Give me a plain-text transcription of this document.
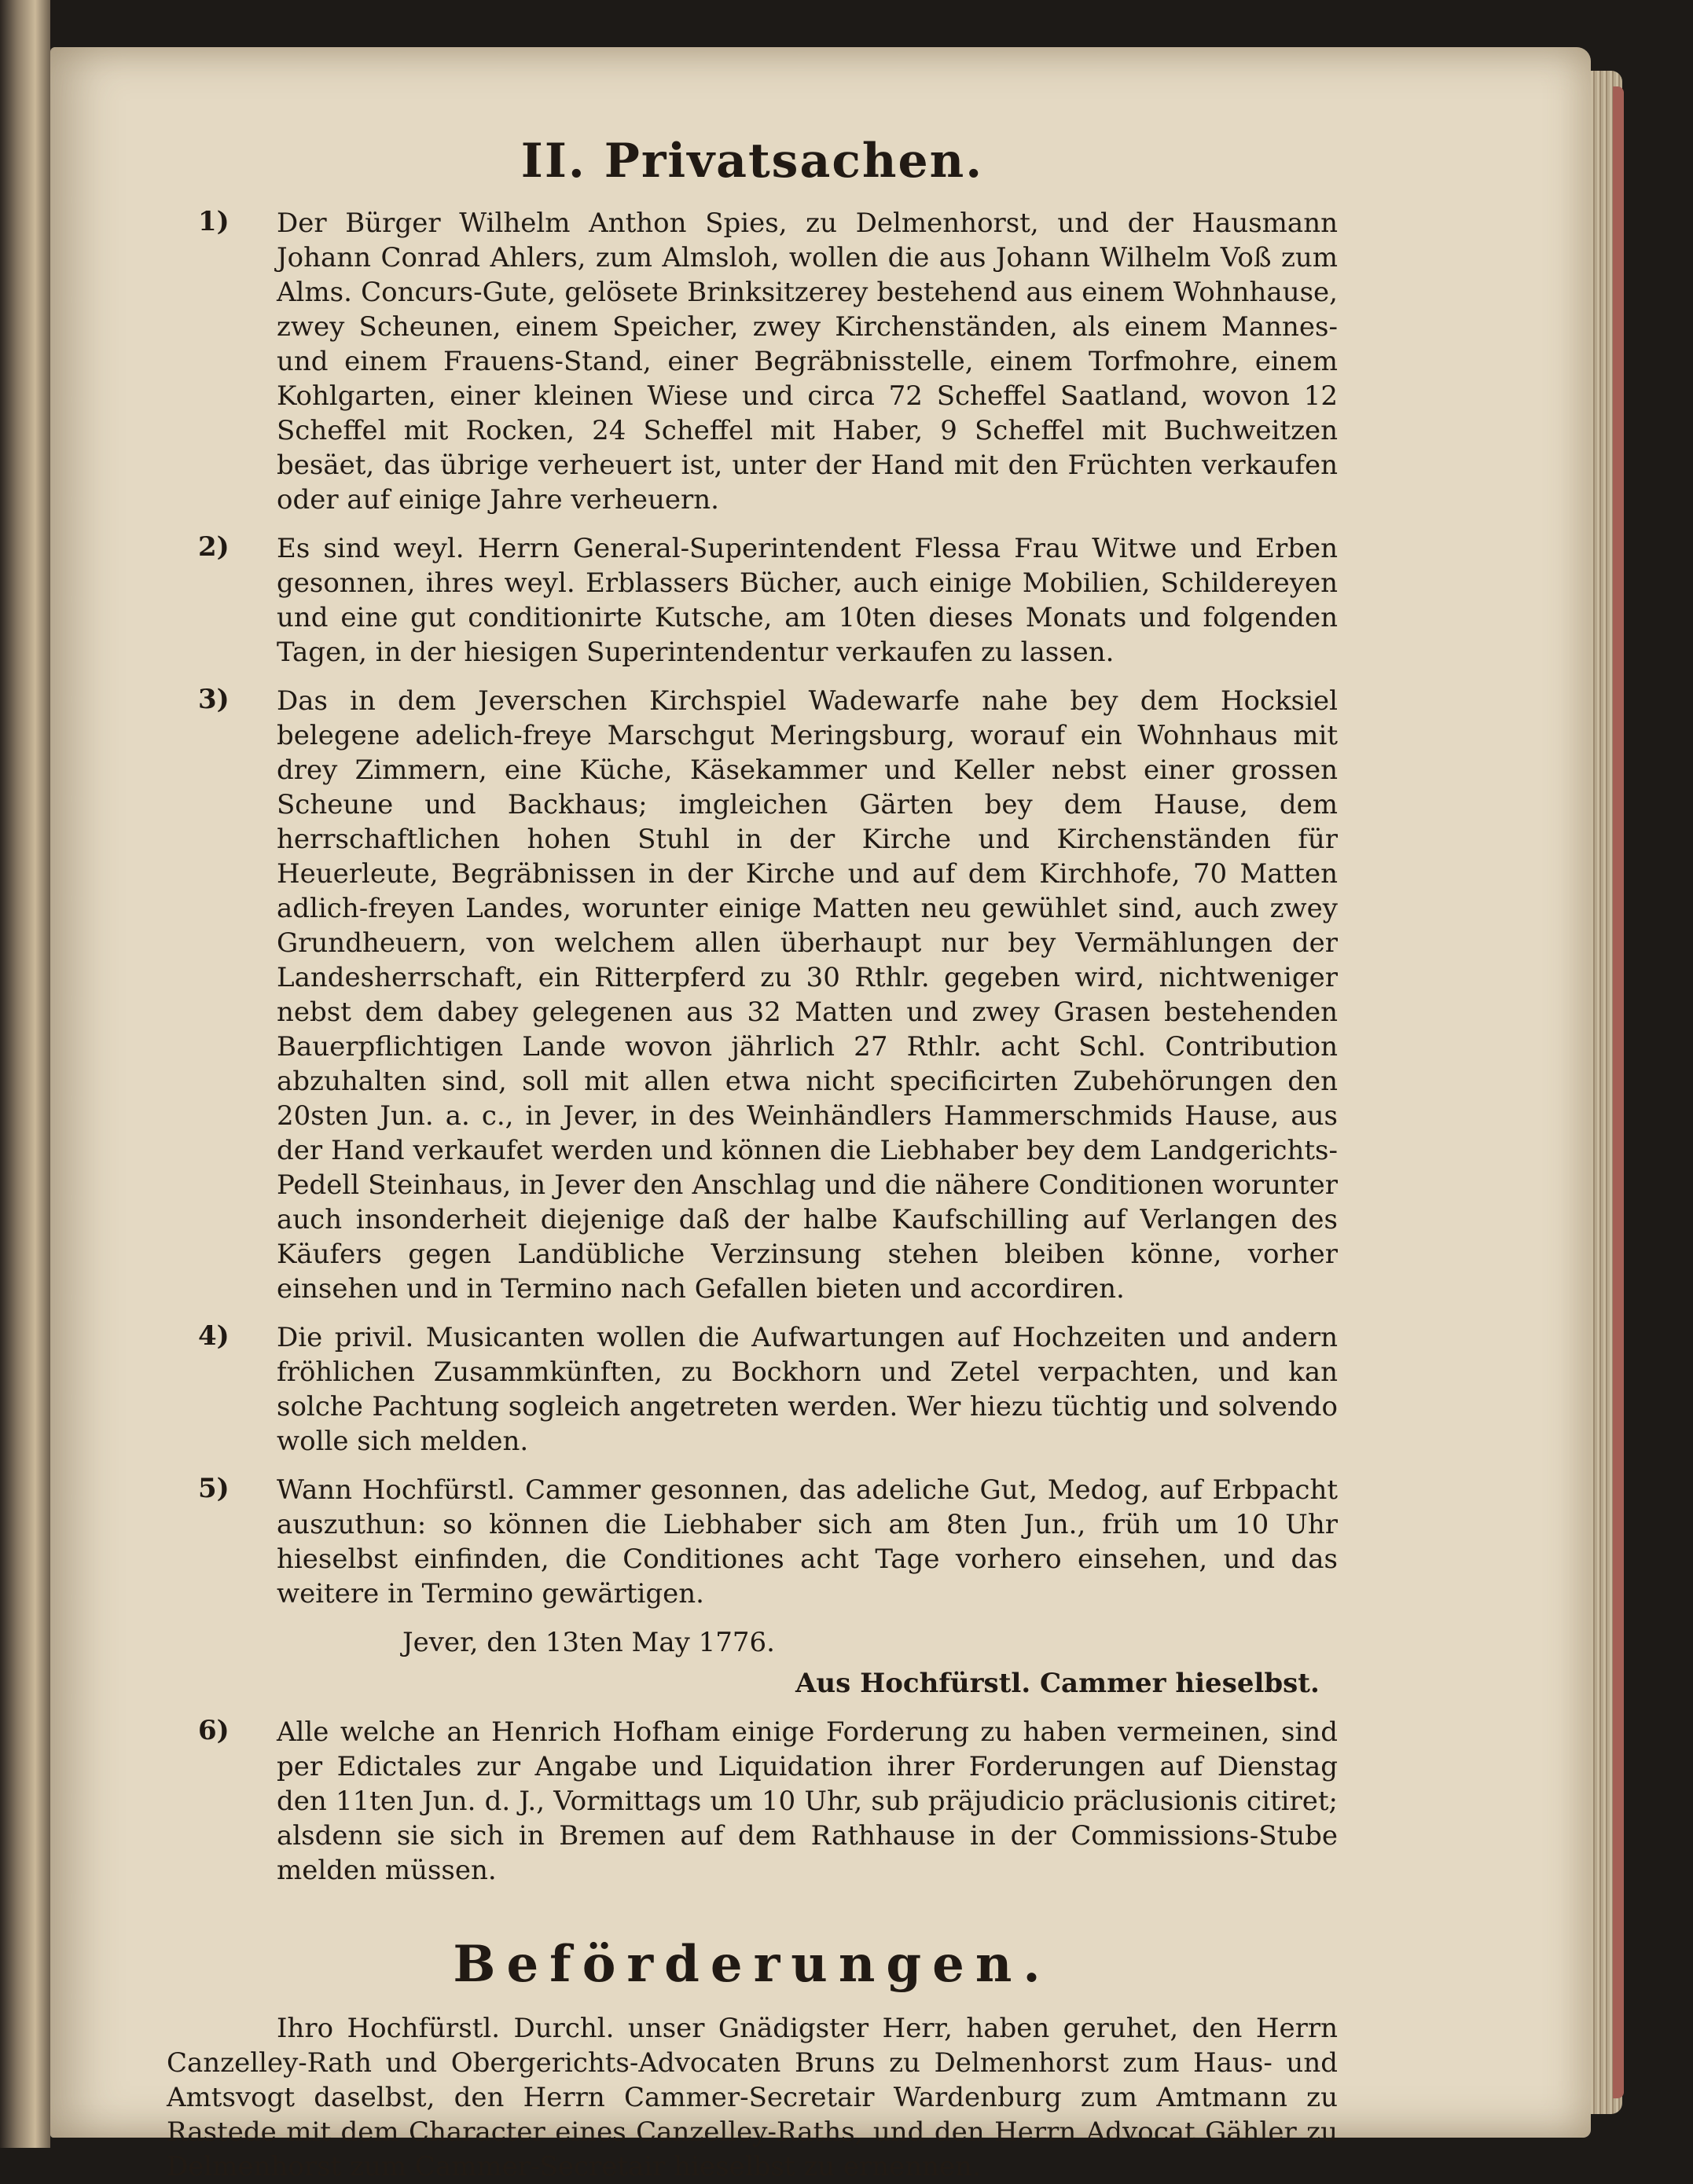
II. Privatsachen.
1) Der Bürger Wilhelm Anthon Spies, zu Delmenhorst, und der Hausmann Johann Conrad Ahlers, zum Almsloh, wollen die aus Johann Wilhelm Voß zum Alms. Concurs-Gute, gelösete Brinksitzerey bestehend aus einem Wohnhause, zwey Scheunen, einem Speicher, zwey Kirchenständen, als einem Mannes- und einem Frauens-Stand, einer Begräbnisstelle, einem Torfmohre, einem Kohlgarten, einer kleinen Wiese und circa 72 Scheffel Saatland, wovon 12 Scheffel mit Rocken, 24 Scheffel mit Haber, 9 Scheffel mit Buchweitzen besäet, das übrige verheuert ist, unter der Hand mit den Früchten verkaufen oder auf einige Jahre verheuern.

2) Es sind weyl. Herrn General-Superintendent Flessa Frau Witwe und Erben gesonnen, ihres weyl. Erblassers Bücher, auch einige Mobilien, Schildereyen und eine gut conditionirte Kutsche, am 10ten dieses Monats und folgenden Tagen, in der hiesigen Superintendentur verkaufen zu lassen.

3) Das in dem Jeverschen Kirchspiel Wadewarfe nahe bey dem Hocksiel belegene adelich-freye Marschgut Meringsburg, worauf ein Wohnhaus mit drey Zimmern, eine Küche, Käsekammer und Keller nebst einer grossen Scheune und Backhaus; imgleichen Gärten bey dem Hause, dem herrschaftlichen hohen Stuhl in der Kirche und Kirchenständen für Heuerleute, Begräbnissen in der Kirche und auf dem Kirchhofe, 70 Matten adlich-freyen Landes, worunter einige Matten neu gewühlet sind, auch zwey Grundheuern, von welchem allen überhaupt nur bey Vermählungen der Landesherrschaft, ein Ritterpferd zu 30 Rthlr. gegeben wird, nichtweniger nebst dem dabey gelegenen aus 32 Matten und zwey Grasen bestehenden Bauerpflichtigen Lande wovon jährlich 27 Rthlr. acht Schl. Contribution abzuhalten sind, soll mit allen etwa nicht specificirten Zubehörungen den 20sten Jun. a. c., in Jever, in des Weinhändlers Hammerschmids Hause, aus der Hand verkaufet werden und können die Liebhaber bey dem Landgerichts-Pedell Steinhaus, in Jever den Anschlag und die nähere Conditionen worunter auch insonderheit diejenige daß der halbe Kaufschilling auf Verlangen des Käufers gegen Landübliche Verzinsung stehen bleiben könne, vorher einsehen und in Termino nach Gefallen bieten und accordiren.

4) Die privil. Musicanten wollen die Aufwartungen auf Hochzeiten und andern fröhlichen Zusammkünften, zu Bockhorn und Zetel verpachten, und kan solche Pachtung sogleich angetreten werden. Wer hiezu tüchtig und solvendo wolle sich melden.

5) Wann Hochfürstl. Cammer gesonnen, das adeliche Gut, Medog, auf Erbpacht auszuthun: so können die Liebhaber sich am 8ten Jun., früh um 10 Uhr hieselbst einfinden, die Conditiones acht Tage vorhero einsehen, und das weitere in Termino gewärtigen.

Jever, den 13ten May 1776.

Aus Hochfürstl. Cammer hieselbst.

6) Alle welche an Henrich Hofham einige Forderung zu haben vermeinen, sind per Edictales zur Angabe und Liquidation ihrer Forderungen auf Dienstag den 11ten Jun. d. J., Vormittags um 10 Uhr, sub präjudicio präclusionis citiret; alsdenn sie sich in Bremen auf dem Rathhause in der Commissions-Stube melden müssen.

Beförderungen.

Ihro Hochfürstl. Durchl. unser Gnädigster Herr, haben geruhet, den Herrn Canzelley-Rath und Obergerichts-Advocaten Bruns zu Delmenhorst zum Haus- und Amtsvogt daselbst, den Herrn Cammer-Secretair Wardenburg zum Amtmann zu Rastede mit dem Character eines Canzelley-Raths, und den Herrn Advocat Gähler zu Delmenhorst zum Cammer-Secretair hieselbst zu ernennen.
